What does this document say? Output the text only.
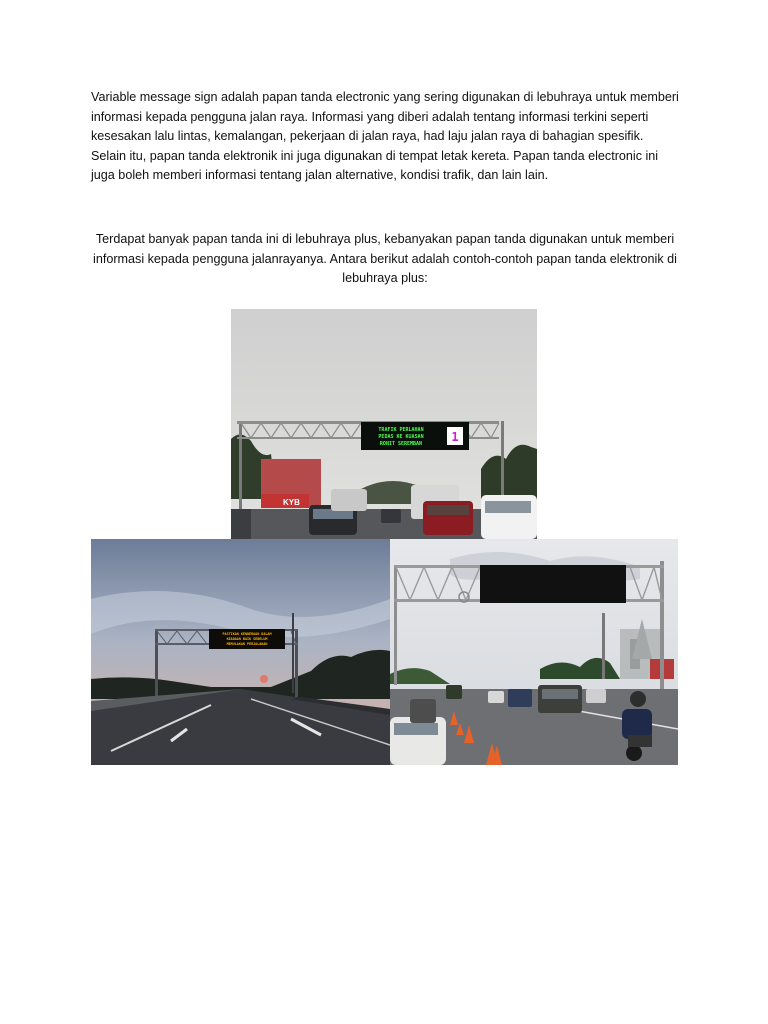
Variable message sign adalah papan tanda electronic yang sering digunakan di lebuhraya untuk memberi informasi kepada pengguna jalan raya. Informasi yang diberi adalah tentang informasi terkini seperti kesesakan lalu lintas, kemalangan, pekerjaan di jalan raya, had laju jalan raya di bahagian spesifik. Selain itu, papan tanda elektronik ini juga digunakan di tempat letak kereta. Papan tanda electronic ini juga boleh memberi informasi tentang jalan alternative, kondisi trafik, dan lain lain.

Terdapat banyak papan tanda ini di lebuhraya plus, kebanyakan papan tanda digunakan untuk memberi informasi kepada pengguna jalanrayanya. Antara berikut adalah contoh-contoh papan tanda elektronik di lebuhraya plus:

KYB
TRAFIK PERLAHAN
PEDAS KE KUASAN
RONIT SEREMBAN 1
PASTIKAN KENDERAAN DALAM
KEADAAN BAIK SEBELUM
MEMULAKAN PERJALANAN
